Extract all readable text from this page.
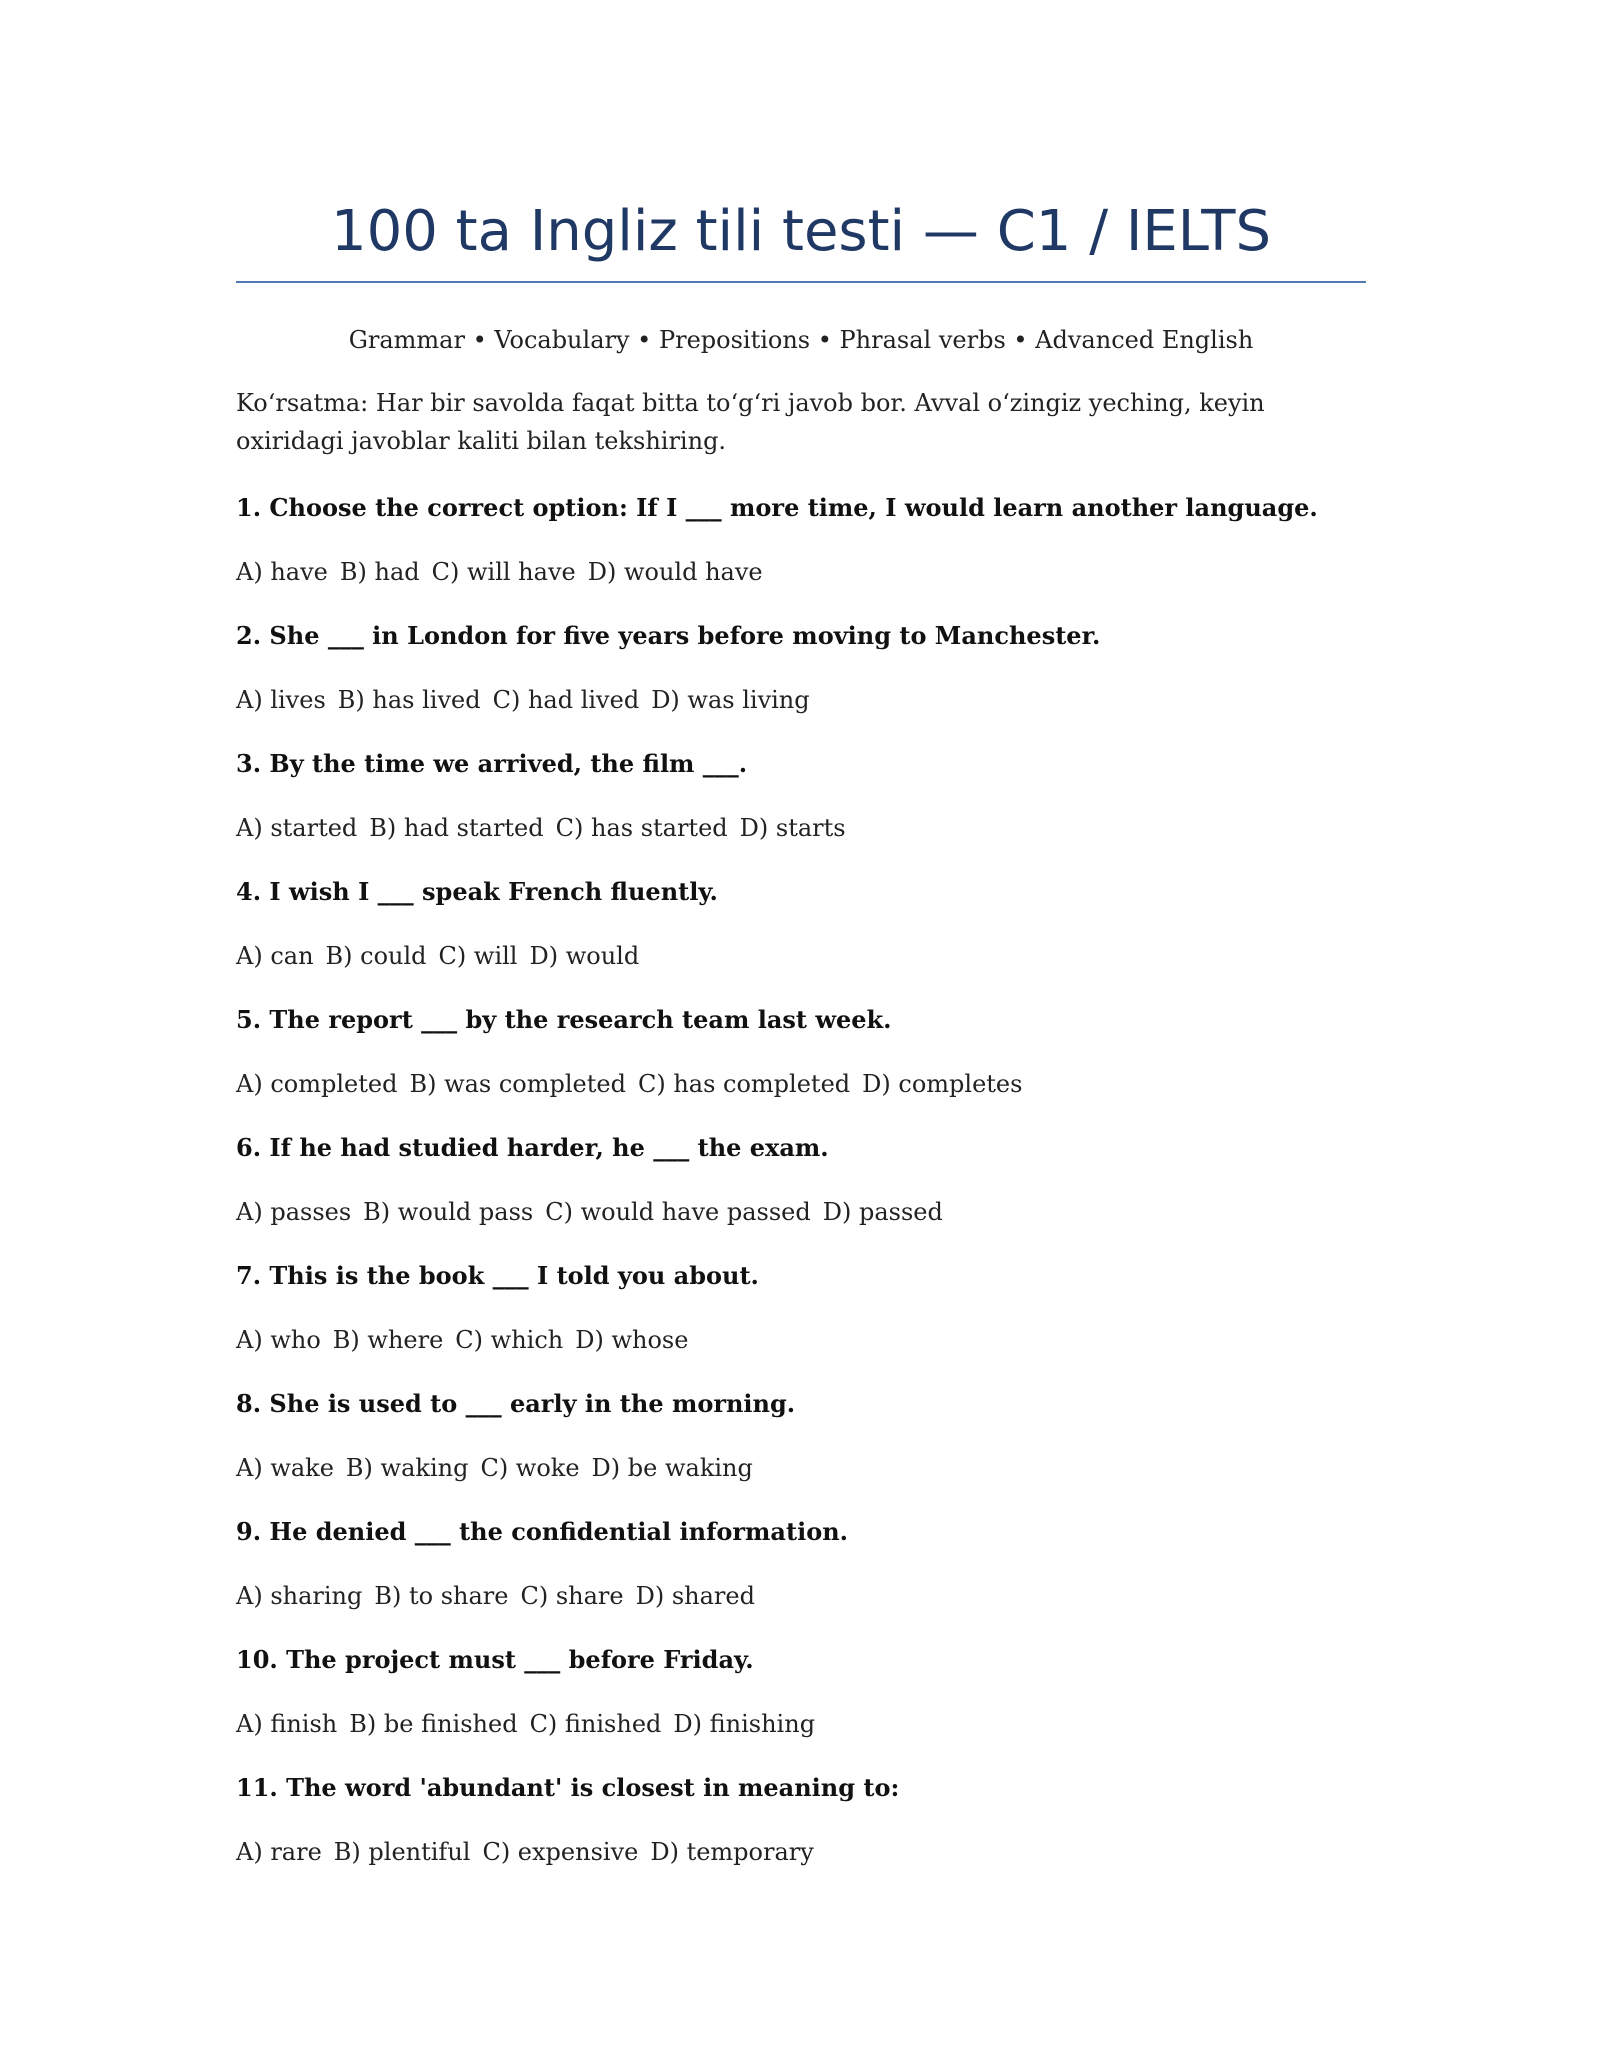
100 ta Ingliz tili testi — C1 / IELTS
Grammar • Vocabulary • Prepositions • Phrasal verbs • Advanced English
Koʻrsatma: Har bir savolda faqat bitta toʻgʻri javob bor. Avval oʻzingiz yeching, keyin oxiridagi javoblar kaliti bilan tekshiring.
1. Choose the correct option: If I ___ more time, I would learn another language.
A) have B) had C) will have D) would have
2. She ___ in London for five years before moving to Manchester.
A) lives B) has lived C) had lived D) was living
3. By the time we arrived, the film ___.
A) started B) had started C) has started D) starts
4. I wish I ___ speak French fluently.
A) can B) could C) will D) would
5. The report ___ by the research team last week.
A) completed B) was completed C) has completed D) completes
6. If he had studied harder, he ___ the exam.
A) passes B) would pass C) would have passed D) passed
7. This is the book ___ I told you about.
A) who B) where C) which D) whose
8. She is used to ___ early in the morning.
A) wake B) waking C) woke D) be waking
9. He denied ___ the confidential information.
A) sharing B) to share C) share D) shared
10. The project must ___ before Friday.
A) finish B) be finished C) finished D) finishing
11. The word 'abundant' is closest in meaning to:
A) rare B) plentiful C) expensive D) temporary
